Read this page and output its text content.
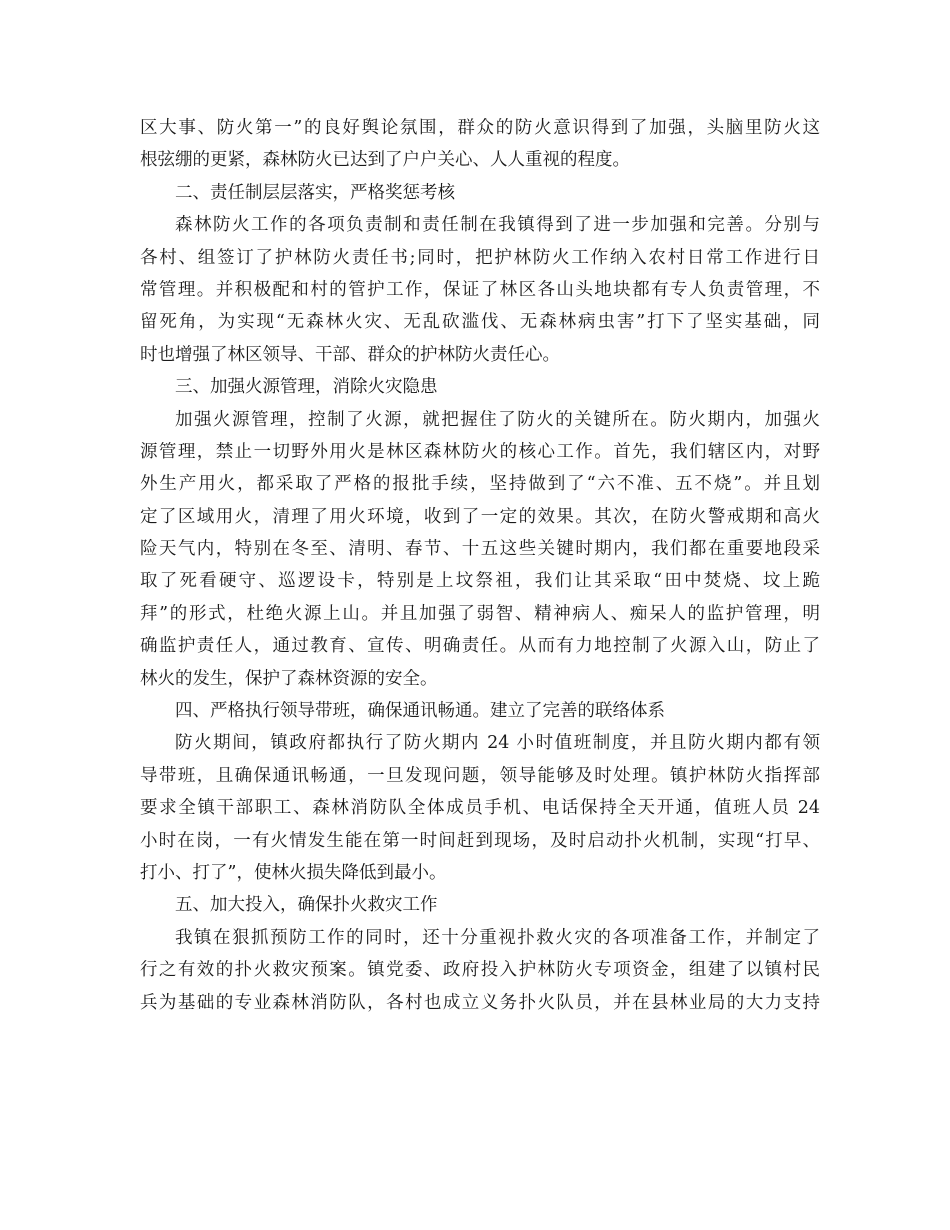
区大事、防火第一”的良好舆论氛围，群众的防火意识得到了加强，头脑里防火这
根弦绷的更紧，森林防火已达到了户户关心、人人重视的程度。
二、责任制层层落实，严格奖惩考核
森林防火工作的各项负责制和责任制在我镇得到了进一步加强和完善。分别与
各村、组签订了护林防火责任书;同时，把护林防火工作纳入农村日常工作进行日
常管理。并积极配和村的管护工作，保证了林区各山头地块都有专人负责管理，不
留死角，为实现“无森林火灾、无乱砍滥伐、无森林病虫害”打下了坚实基础，同
时也增强了林区领导、干部、群众的护林防火责任心。
三、加强火源管理，消除火灾隐患
加强火源管理，控制了火源，就把握住了防火的关键所在。防火期内，加强火
源管理，禁止一切野外用火是林区森林防火的核心工作。首先，我们辖区内，对野
外生产用火，都采取了严格的报批手续，坚持做到了“六不准、五不烧”。并且划
定了区域用火，清理了用火环境，收到了一定的效果。其次，在防火警戒期和高火
险天气内，特别在冬至、清明、春节、十五这些关键时期内，我们都在重要地段采
取了死看硬守、巡逻设卡，特别是上坟祭祖，我们让其采取“田中焚烧、坟上跪
拜”的形式，杜绝火源上山。并且加强了弱智、精神病人、痴呆人的监护管理，明
确监护责任人，通过教育、宣传、明确责任。从而有力地控制了火源入山，防止了
林火的发生，保护了森林资源的安全。
四、严格执行领导带班，确保通讯畅通。建立了完善的联络体系
防火期间，镇政府都执行了防火期内 24 小时值班制度，并且防火期内都有领
导带班，且确保通讯畅通，一旦发现问题，领导能够及时处理。镇护林防火指挥部
要求全镇干部职工、森林消防队全体成员手机、电话保持全天开通，值班人员 24
小时在岗，一有火情发生能在第一时间赶到现场，及时启动扑火机制，实现“打早、
打小、打了”，使林火损失降低到最小。
五、加大投入，确保扑火救灾工作
我镇在狠抓预防工作的同时，还十分重视扑救火灾的各项准备工作，并制定了
行之有效的扑火救灾预案。镇党委、政府投入护林防火专项资金，组建了以镇村民
兵为基础的专业森林消防队，各村也成立义务扑火队员，并在县林业局的大力支持
